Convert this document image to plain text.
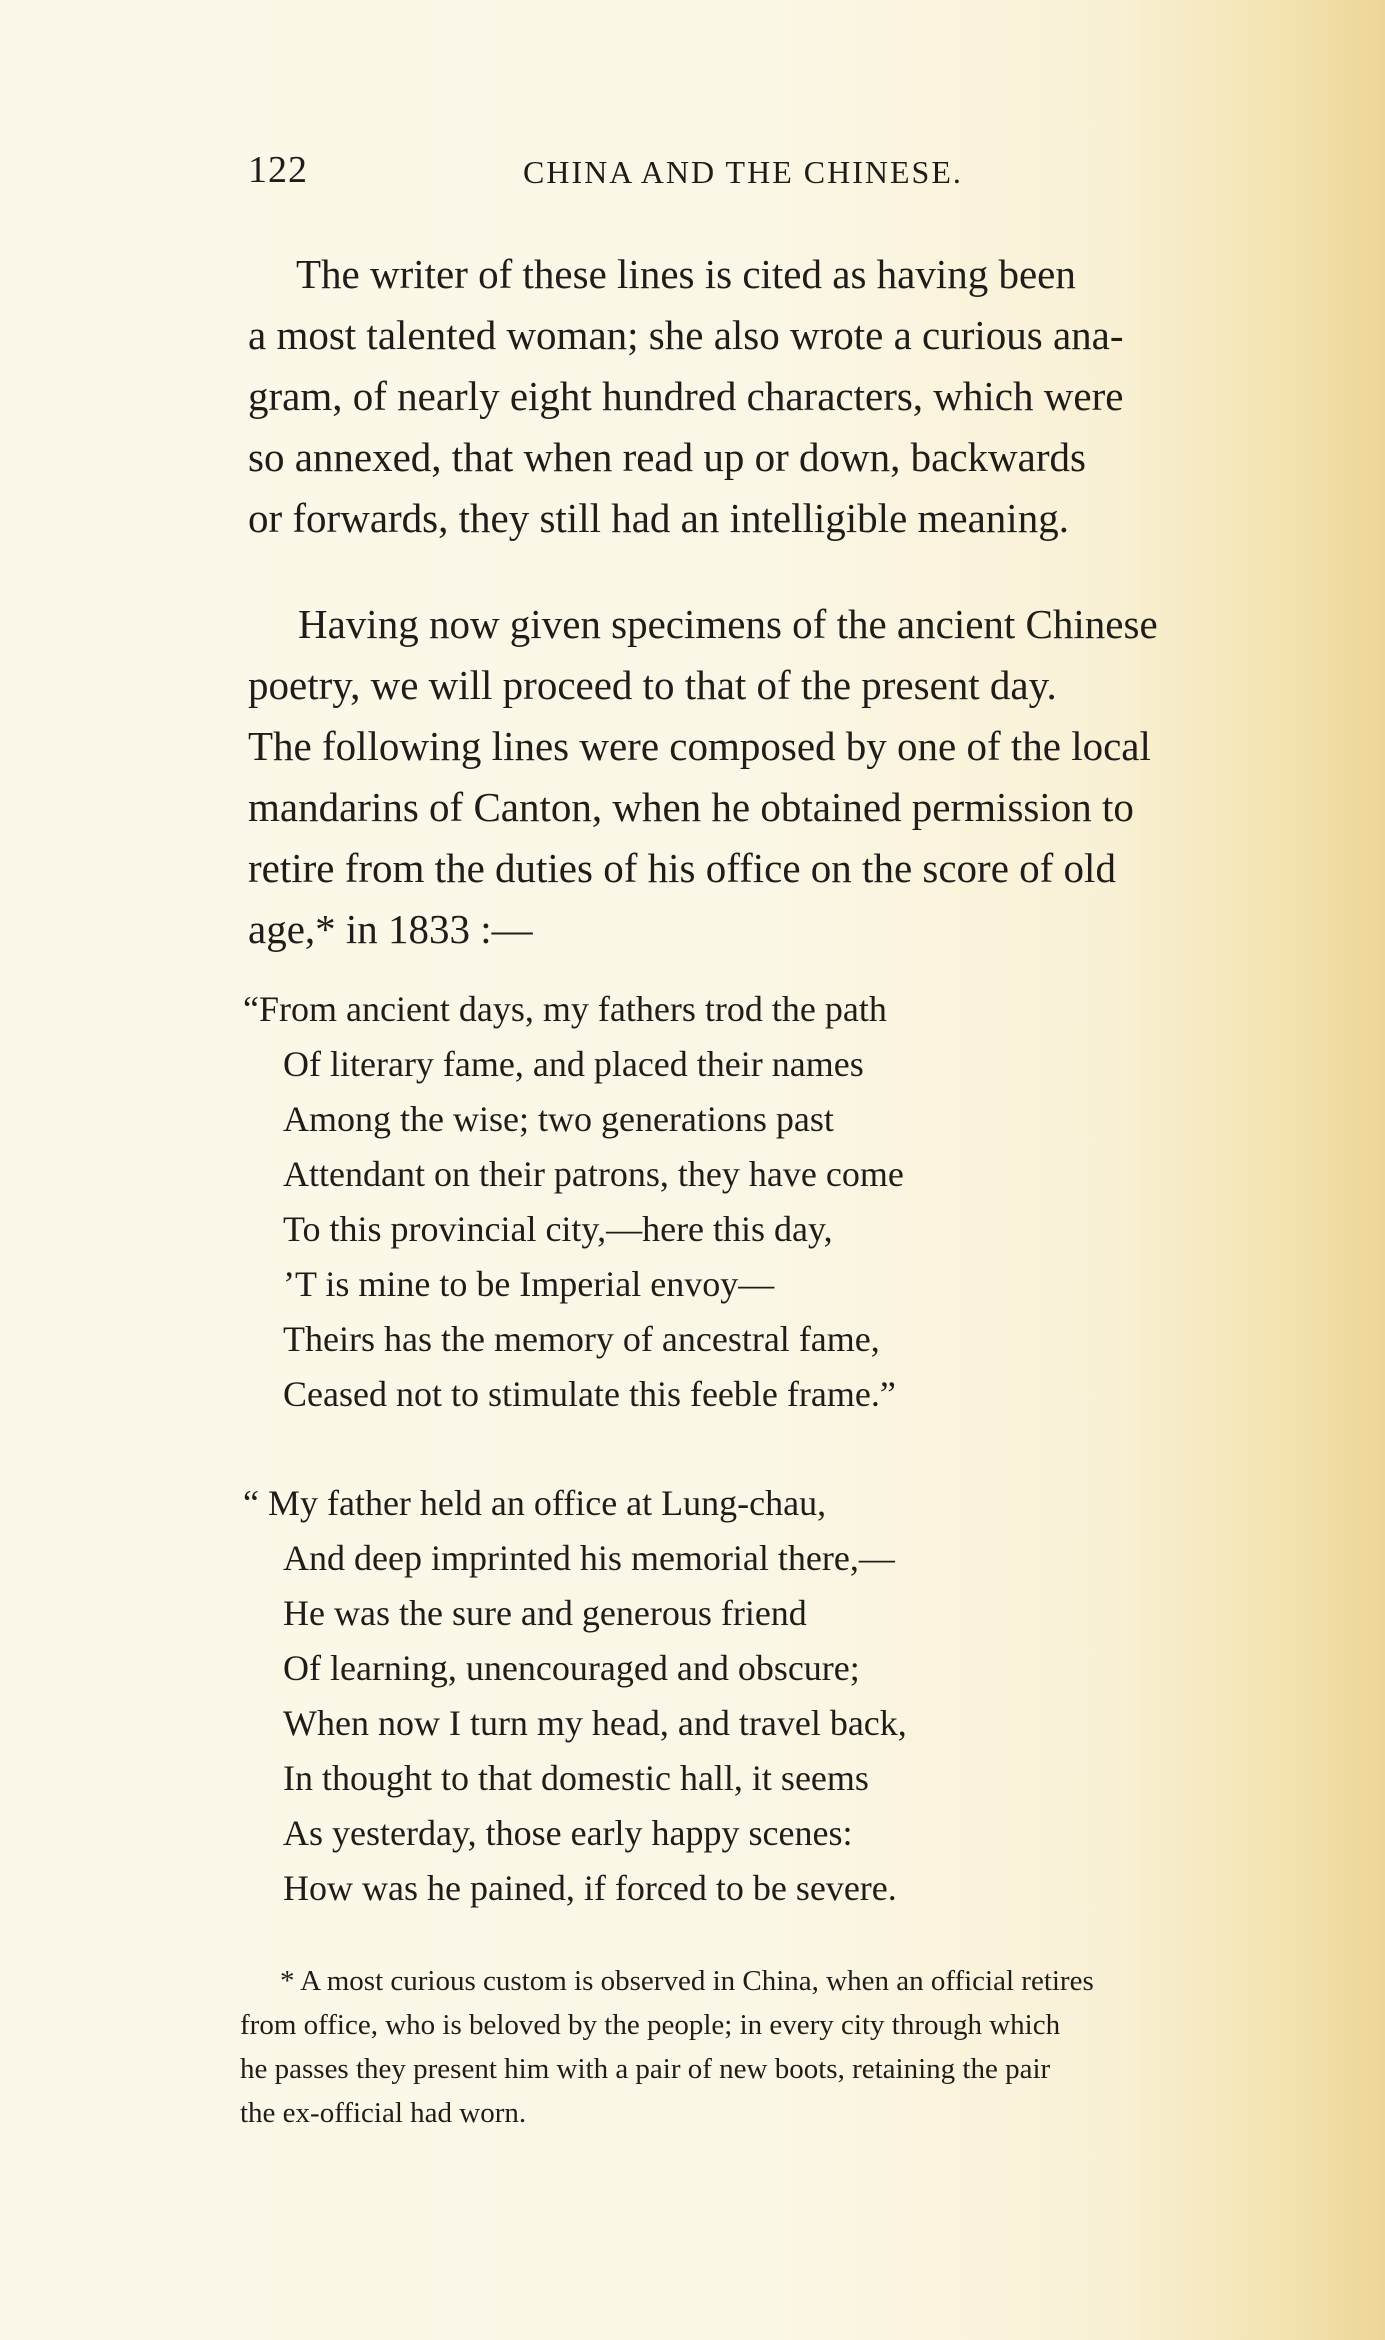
122	CHINA AND THE CHINESE.
The writer of these lines is cited as having been
a most talented woman; she also wrote a curious ana-
gram, of nearly eight hundred characters, which were
so annexed, that when read up or down, backwards
or forwards, they still had an intelligible meaning.
Having now given specimens of the ancient Chinese
poetry, we will proceed to that of the present day.
The following lines were composed by one of the local
mandarins of Canton, when he obtained permission to
retire from the duties of his office on the score of old
age,* in 1833 :—
“From ancient days, my fathers trod the path
Of literary fame, and placed their names
Among the wise; two generations past
Attendant on their patrons, they have come
To this provincial city,—here this day,
’T is mine to be Imperial envoy—
Theirs has the memory of ancestral fame,
Ceased not to stimulate this feeble frame.”
“ My father held an office at Lung-chau,
And deep imprinted his memorial there,—
He was the sure and generous friend
Of learning, unencouraged and obscure;
When now I turn my head, and travel back,
In thought to that domestic hall, it seems
As yesterday, those early happy scenes:
How was he pained, if forced to be severe.
* A most curious custom is observed in China, when an official retires
from office, who is beloved by the people; in every city through which
he passes they present him with a pair of new boots, retaining the pair
the ex-official had worn.
